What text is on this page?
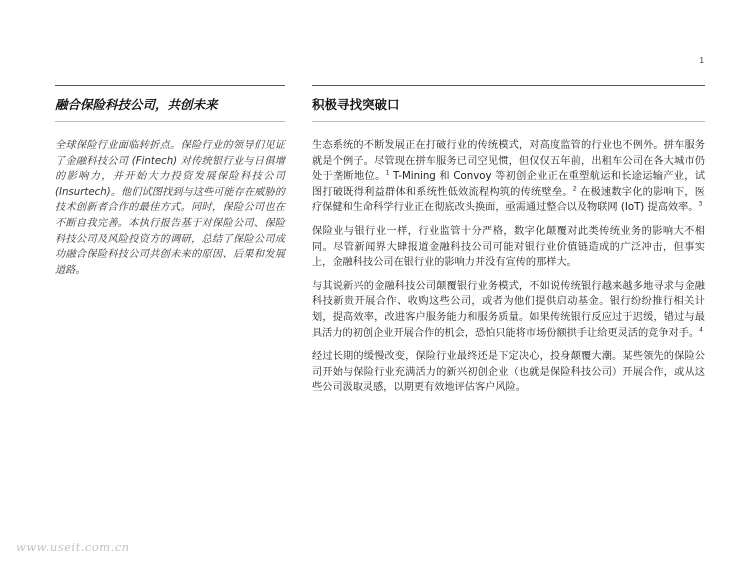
1
融合保险科技公司，共创未来

全球保险行业面临转折点。保险行业的领导们见证了金融科技公司 (Fintech) 对传统银行业与日俱增的影响力，并开始大力投资发展保险科技公司 (Insurtech)。他们试图找到与这些可能存在威胁的技术创新者合作的最佳方式。同时，保险公司也在不断自我完善。本执行报告基于对保险公司、保险科技公司及风险投资方的调研，总结了保险公司成功融合保险科技公司共创未来的原因、后果和发展道路。

积极寻找突破口

生态系统的不断发展正在打破行业的传统模式，对高度监管的行业也不例外。拼车服务就是个例子。尽管现在拼车服务已司空见惯，但仅仅五年前，出租车公司在各大城市仍处于垄断地位。$^1$ T-Mining 和 Convoy 等初创企业正在重塑航运和长途运输产业，试图打破既得利益群体和系统性低效流程构筑的传统壁垒。$^2$ 在极速数字化的影响下，医疗保健和生命科学行业正在彻底改头换面，亟需通过整合以及物联网 (IoT) 提高效率。$^3$

保险业与银行业一样，行业监管十分严格，数字化颠覆对此类传统业务的影响大不相同。尽管新闻界大肆报道金融科技公司可能对银行业价值链造成的广泛冲击，但事实上，金融科技公司在银行业的影响力并没有宣传的那样大。

与其说新兴的金融科技公司颠覆银行业务模式，不如说传统银行越来越多地寻求与金融科技新贵开展合作、收购这些公司，或者为他们提供启动基金。银行纷纷推行相关计划，提高效率，改进客户服务能力和服务质量。如果传统银行反应过于迟缓，错过与最具活力的初创企业开展合作的机会，恐怕只能将市场份额拱手让给更灵活的竞争对手。$^4$

经过长期的缓慢改变，保险行业最终还是下定决心，投身颠覆大潮。某些领先的保险公司开始与保险行业充满活力的新兴初创企业（也就是保险科技公司）开展合作，或从这些公司汲取灵感，以期更有效地评估客户风险。

www.useit.com.cn
